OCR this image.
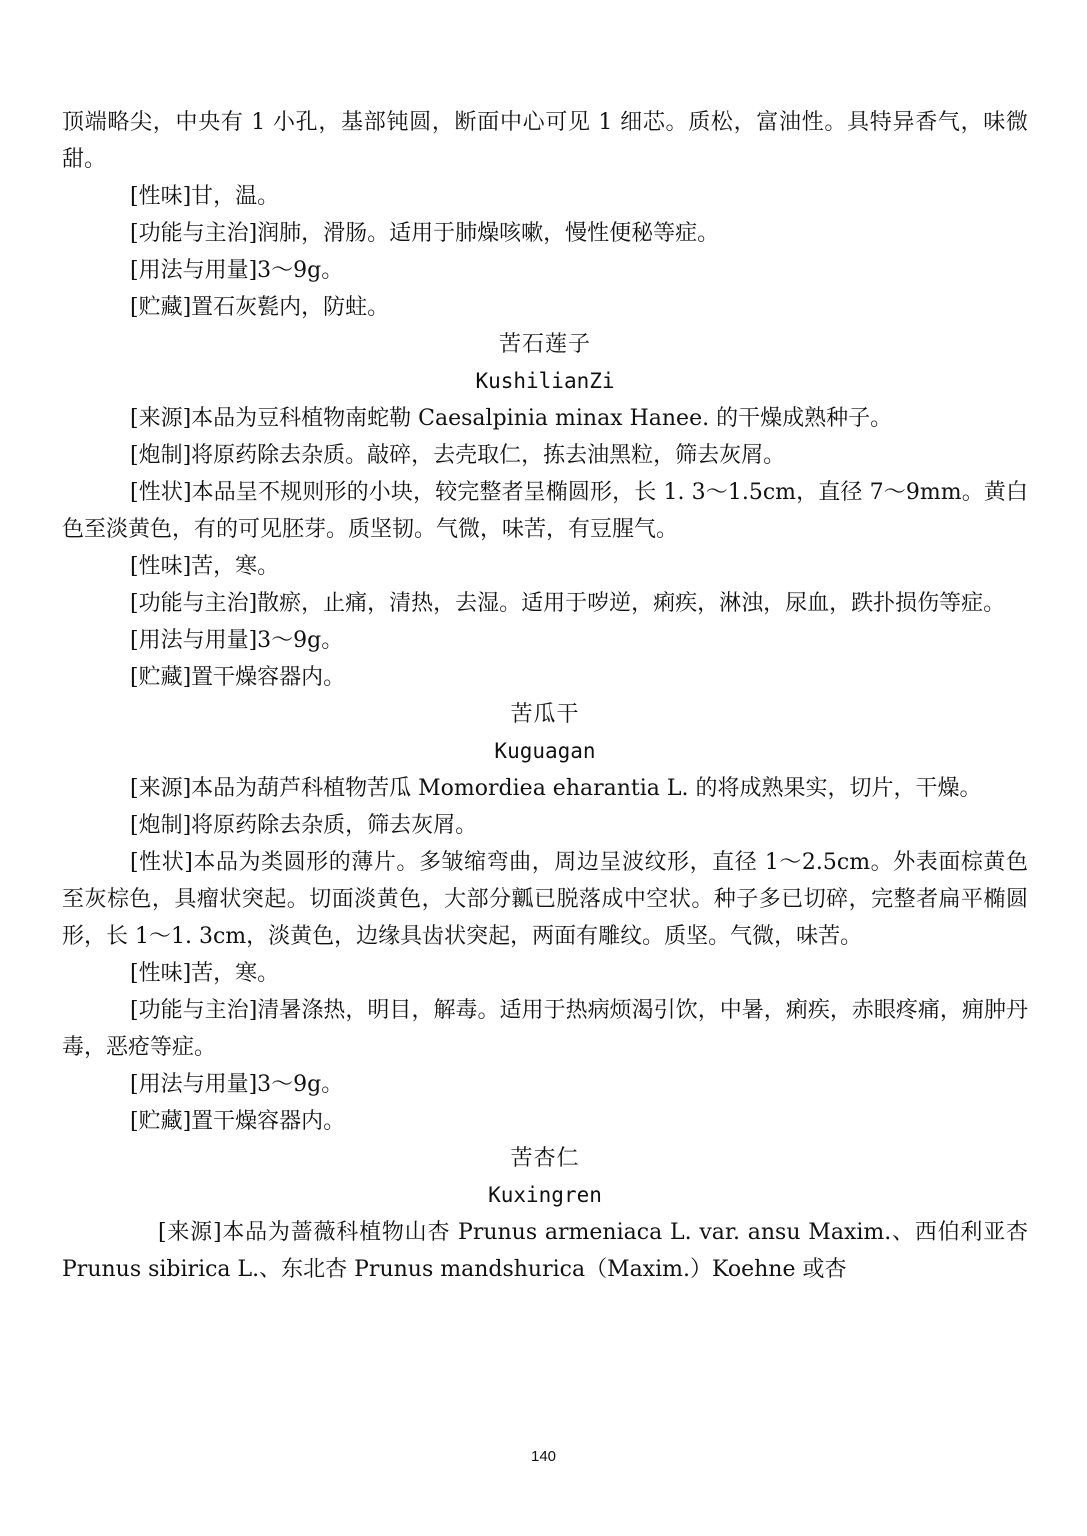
顶端略尖，中央有 1 小孔，基部钝圆，断面中心可见 1 细芯。质松，富油性。具特异香气，味微甜。

[性味]甘，温。

[功能与主治]润肺，滑肠。适用于肺燥咳嗽，慢性便秘等症。

[用法与用量]3～9g。

[贮藏]置石灰甏内，防蛀。

苦石莲子

KushilianZi

[来源]本品为豆科植物南蛇勒 Caesalpinia minax Hanee. 的干燥成熟种子。

[炮制]将原药除去杂质。敲碎，去壳取仁，拣去油黑粒，筛去灰屑。

[性状]本品呈不规则形的小块，较完整者呈椭圆形，长 1. 3～1.5cm，直径 7～9mm。黄白色至淡黄色，有的可见胚芽。质坚韧。气微，味苦，有豆腥气。

[性味]苦，寒。

[功能与主治]散瘀，止痛，清热，去湿。适用于哕逆，痢疾，淋浊，尿血，跌扑损伤等症。

[用法与用量]3～9g。

[贮藏]置干燥容器内。

苦瓜干

Kuguagan

[来源]本品为葫芦科植物苦瓜 Momordiea eharantia L. 的将成熟果实，切片，干燥。

[炮制]将原药除去杂质，筛去灰屑。

[性状]本品为类圆形的薄片。多皱缩弯曲，周边呈波纹形，直径 1～2.5cm。外表面棕黄色至灰棕色，具瘤状突起。切面淡黄色，大部分瓤已脱落成中空状。种子多已切碎，完整者扁平椭圆形，长 1～1. 3cm，淡黄色，边缘具齿状突起，两面有雕纹。质坚。气微，味苦。

[性味]苦，寒。

[功能与主治]清暑涤热，明目，解毒。适用于热病烦渴引饮，中暑，痢疾，赤眼疼痛，痈肿丹毒，恶疮等症。

[用法与用量]3～9g。

[贮藏]置干燥容器内。

苦杏仁

Kuxingren

[来源]本品为蔷薇科植物山杏 Prunus armeniaca L. var. ansu Maxim.、西伯利亚杏 Prunus sibirica L.、东北杏 Prunus mandshurica（Maxim.）Koehne 或杏

140
